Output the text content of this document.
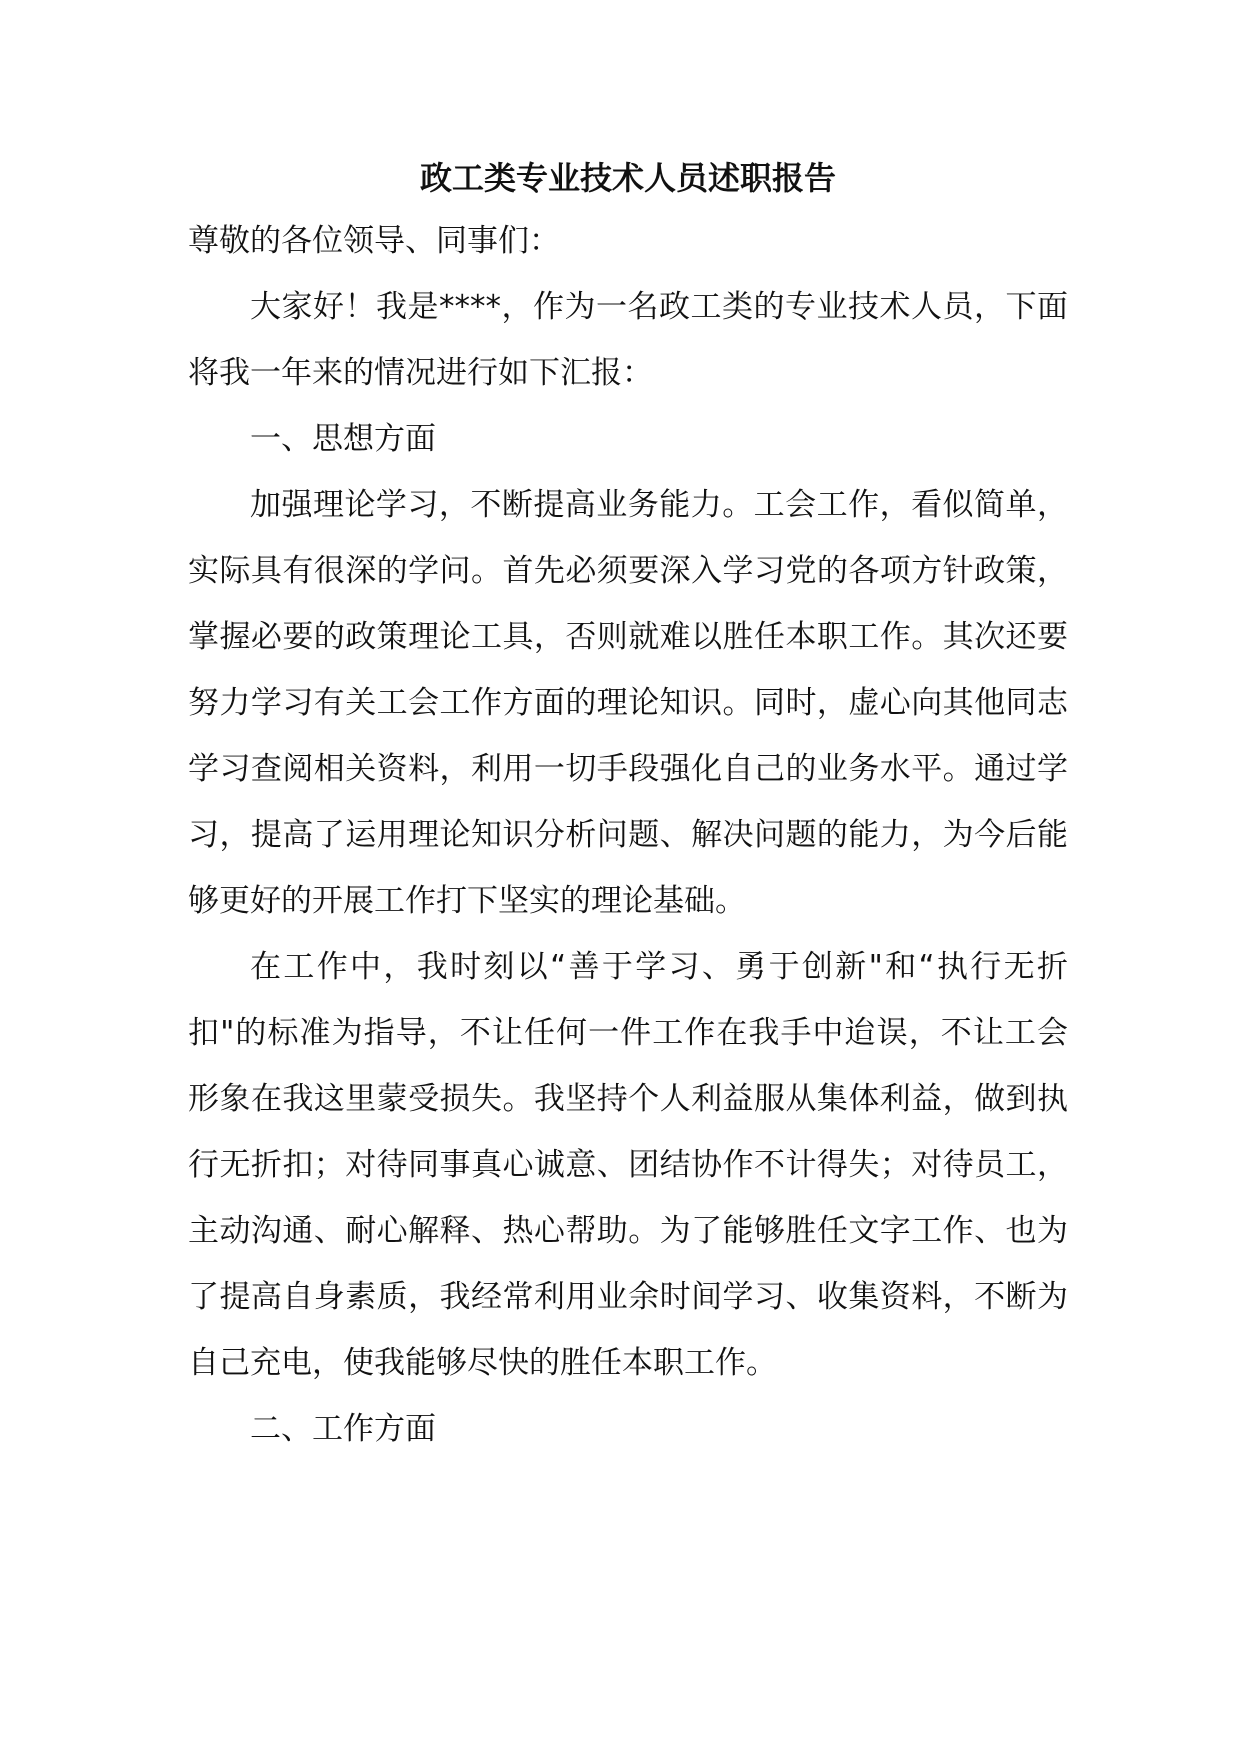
政工类专业技术人员述职报告

尊敬的各位领导、同事们：

大家好！我是****，作为一名政工类的专业技术人员，下面将我一年来的情况进行如下汇报：

一、思想方面

加强理论学习，不断提高业务能力。工会工作，看似简单，实际具有很深的学问。首先必须要深入学习党的各项方针政策，掌握必要的政策理论工具，否则就难以胜任本职工作。其次还要努力学习有关工会工作方面的理论知识。同时，虚心向其他同志学习查阅相关资料，利用一切手段强化自己的业务水平。通过学习，提高了运用理论知识分析问题、解决问题的能力，为今后能够更好的开展工作打下坚实的理论基础。

在工作中，我时刻以“善于学习、勇于创新"和“执行无折扣"的标准为指导，不让任何一件工作在我手中迨误，不让工会形象在我这里蒙受损失。我坚持个人利益服从集体利益，做到执行无折扣；对待同事真心诚意、团结协作不计得失；对待员工，主动沟通、耐心解释、热心帮助。为了能够胜任文字工作、也为了提高自身素质，我经常利用业余时间学习、收集资料，不断为自己充电，使我能够尽快的胜任本职工作。

二、工作方面
